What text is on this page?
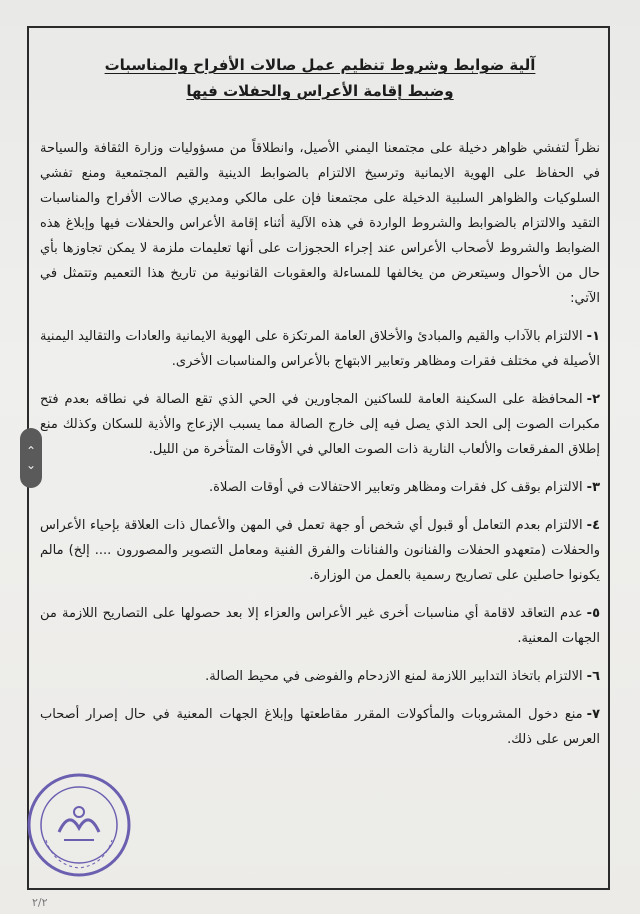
آلية ضوابط وشروط تنظيم عمل صالات الأفراح والمناسبات
وضبط إقامة الأعراس والحفلات فيها

نظراً لتفشي ظواهر دخيلة على مجتمعنا اليمني الأصيل، وانطلاقاً من مسؤوليات وزارة الثقافة والسياحة في الحفاظ على الهوية الايمانية وترسيخ الالتزام بالضوابط الدينية والقيم المجتمعية ومنع تفشي السلوكيات والظواهر السلبية الدخيلة على مجتمعنا فإن على مالكي ومديري صالات الأفراح والمناسبات التقيد والالتزام بالضوابط والشروط الواردة في هذه الآلية أثناء إقامة الأعراس والحفلات فيها وإبلاغ هذه الضوابط والشروط لأصحاب الأعراس عند إجراء الحجوزات على أنها تعليمات ملزمة لا يمكن تجاوزها بأي حال من الأحوال وسيتعرض من يخالفها للمساءلة والعقوبات القانونية من تاريخ هذا التعميم وتتمثل في الآتي:

١-الالتزام بالآداب والقيم والمبادئ والأخلاق العامة المرتكزة على الهوية الايمانية والعادات والتقاليد اليمنية الأصيلة في مختلف فقرات ومظاهر وتعابير الابتهاج بالأعراس والمناسبات الأخرى.

٢-المحافظة على السكينة العامة للساكنين المجاورين في الحي الذي تقع الصالة في نطاقه بعدم فتح مكبرات الصوت إلى الحد الذي يصل فيه إلى خارج الصالة مما يسبب الإزعاج والأذية للسكان وكذلك منع إطلاق المفرقعات والألعاب النارية ذات الصوت العالي في الأوقات المتأخرة من الليل.

٣-الالتزام بوقف كل فقرات ومظاهر وتعابير الاحتفالات في أوقات الصلاة.

٤-الالتزام بعدم التعامل أو قبول أي شخص أو جهة تعمل في المهن والأعمال ذات العلاقة بإحياء الأعراس والحفلات (متعهدو الحفلات والفنانون والفنانات والفرق الفنية ومعامل التصوير والمصورون .... إلخ) مالم يكونوا حاصلين على تصاريح رسمية بالعمل من الوزارة.

٥-عدم التعاقد لاقامة أي مناسبات أخرى غير الأعراس والعزاء إلا بعد حصولها على التصاريح اللازمة من الجهات المعنية.

٦-الالتزام باتخاذ التدابير اللازمة لمنع الازدحام والفوضى في محيط الصالة.

٧-منع دخول المشروبات والمأكولات المقرر مقاطعتها وإبلاغ الجهات المعنية في حال إصرار أصحاب العرس على ذلك.

⌃
⌄
٢/٢
